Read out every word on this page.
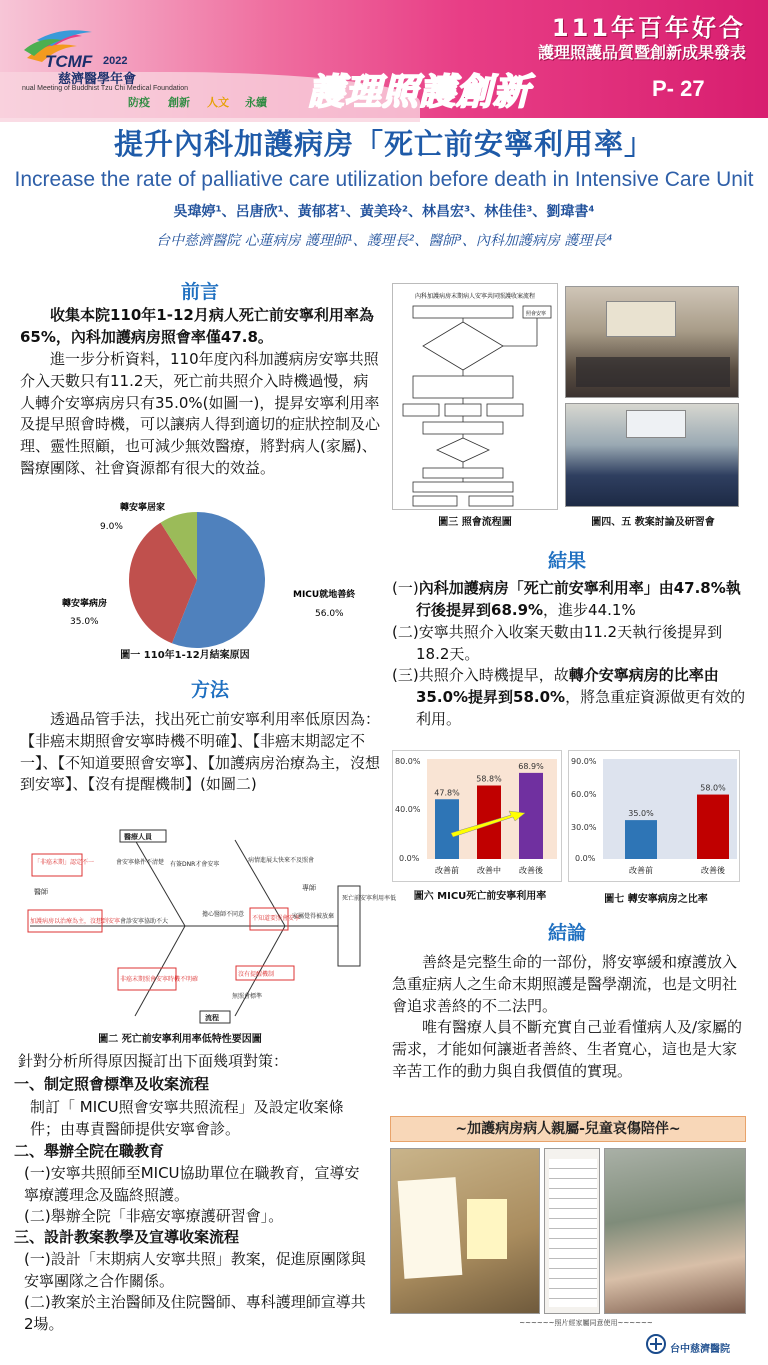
TCMF 2022
慈濟醫學年會
nual Meeting of Buddhist Tzu Chi Medical Foundation
防疫 創新 人文 永續
111年百年好合
護理照護品質暨創新成果發表
護理照護創新	P- 27
提升內科加護病房「死亡前安寧利用率」
Increase the rate of palliative care utilization before death in Intensive Care Unit
吳瑋婷¹、呂唐欣¹、黃郁茗¹、黃美玲²、林昌宏³、林佳佳³、劉瑋書⁴
台中慈濟醫院 心蓮病房 護理師¹、護理長²、醫師³、內科加護病房 護理長⁴
前言
收集本院110年1-12月病人死亡前安寧利用率為65%，內科加護病房照會率僅47.8。
進一步分析資料，110年度內科加護病房安寧共照介入天數只有11.2天，死亡前共照介入時機過慢，病人轉介安寧病房只有35.0%(如圖一)，提昇安寧利用率及提早照會時機，可以讓病人得到適切的症狀控制及心理、靈性照顧，也可減少無效醫療，將對病人(家屬)、醫療團隊、社會資源都有很大的效益。
轉安寧居家
9.0%
轉安寧病房
35.0%
MICU就地善終
56.0%
圖一 110年1-12月結案原因
方法
透過品管手法，找出死亡前安寧利用率低原因為：【非癌末期照會安寧時機不明確】、【非癌末期認定不一】、【不知道要照會安寧】、【加護病房治療為主，沒想到安寧】、【沒有提醒機制】(如圖二)
醫療人員
流程
醫師	專師
「非癌末期」認定不一	會安寧條件不清楚 有簽DNR才會安寧
病情進展太快來不及照會
加護病房以治療為主，沒想到安寧 會診安寧協助不大
擔心醫師不同意
不知道要照會安寧
家屬覺得被放棄
非癌末期照會安寧時機不明確
沒有提醒機制
無照會標準
死亡前安寧利用率低
圖二 死亡前安寧利用率低特性要因圖
針對分析所得原因擬訂出下面幾項對策：
一、制定照會標準及收案流程
制訂「 MICU照會安寧共照流程」及設定收案條件；由專責醫師提供安寧會診。
二、舉辦全院在職教育
(一)安寧共照師至MICU協助單位在職教育，宣導安寧療護理念及臨終照護。
(二)舉辦全院「非癌安寧療護研習會」。
三、設計教案教學及宣導收案流程
(一)設計「末期病人安寧共照」教案，促進原團隊與安寧團隊之合作關係。
(二)教案於主治醫師及住院醫師、專科護理師宣導共2場。
內科加護病房末期病人安寧共同照護收案流程
照會安寧
圖三 照會流程圖	圖四、五 教案討論及研習會
結果
(一)內科加護病房「死亡前安寧利用率」由47.8%執行後提昇到68.9%，進步44.1%
(二)安寧共照介入收案天數由11.2天執行後提昇到18.2天。
(三)共照介入時機提早，故轉介安寧病房的比率由35.0%提昇到58.0%，將急重症資源做更有效的利用。
47.8%
改善前
58.8%
改善中
68.9%
改善後
80.0%
40.0%
0.0%
圖六 MICU死亡前安寧利用率
35.0%
改善前
58.0%
改善後
90.0%
60.0%
30.0%
0.0%
圖七 轉安寧病房之比率
結論
善終是完整生命的一部份，將安寧緩和療護放入急重症病人之生命末期照護是醫學潮流，也是文明社會追求善終的不二法門。
唯有醫療人員不斷充實自己並看懂病人及/家屬的需求，才能如何讓逝者善終、生者寬心，這也是大家辛苦工作的動力與自我價值的實現。
~加護病房病人親屬-兒童哀傷陪伴~
~~~~~~照片經家屬同意使用~~~~~~
台中慈濟醫院
